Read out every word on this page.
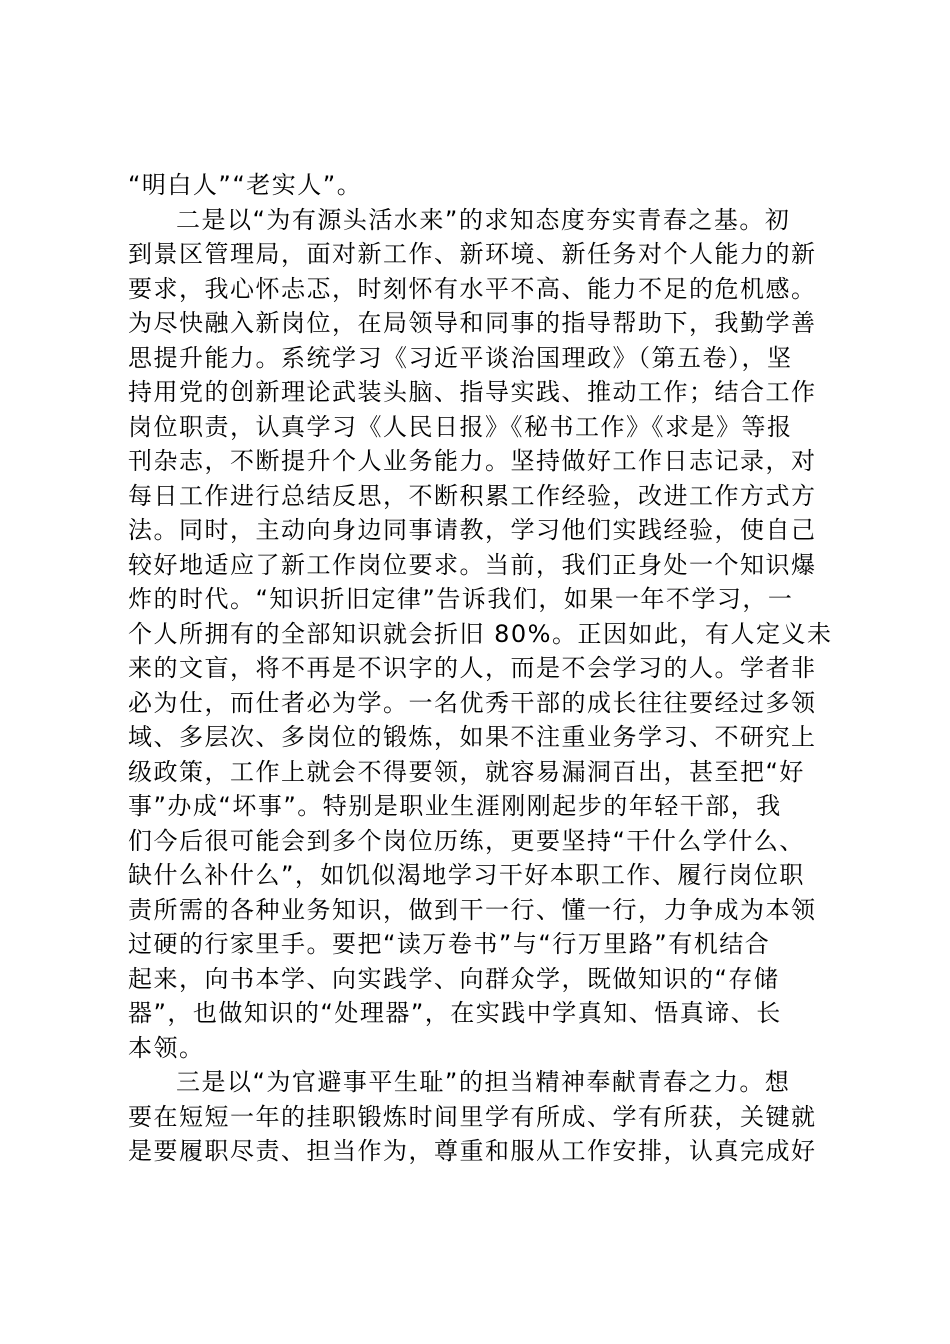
“明白人”“老实人”。
二是以“为有源头活水来”的求知态度夯实青春之基。初
到景区管理局，面对新工作、新环境、新任务对个人能力的新
要求，我心怀忐忑，时刻怀有水平不高、能力不足的危机感。
为尽快融入新岗位，在局领导和同事的指导帮助下，我勤学善
思提升能力。系统学习《习近平谈治国理政》（第五卷），坚
持用党的创新理论武装头脑、指导实践、推动工作；结合工作
岗位职责，认真学习《人民日报》《秘书工作》《求是》等报
刊杂志，不断提升个人业务能力。坚持做好工作日志记录，对
每日工作进行总结反思，不断积累工作经验，改进工作方式方
法。同时，主动向身边同事请教，学习他们实践经验，使自己
较好地适应了新工作岗位要求。当前，我们正身处一个知识爆
炸的时代。“知识折旧定律”告诉我们，如果一年不学习，一
个人所拥有的全部知识就会折旧 80%。正因如此，有人定义未
来的文盲，将不再是不识字的人，而是不会学习的人。学者非
必为仕，而仕者必为学。一名优秀干部的成长往往要经过多领
域、多层次、多岗位的锻炼，如果不注重业务学习、不研究上
级政策，工作上就会不得要领，就容易漏洞百出，甚至把“好
事”办成“坏事”。特别是职业生涯刚刚起步的年轻干部，我
们今后很可能会到多个岗位历练，更要坚持“干什么学什么、
缺什么补什么”，如饥似渴地学习干好本职工作、履行岗位职
责所需的各种业务知识，做到干一行、懂一行，力争成为本领
过硬的行家里手。要把“读万卷书”与“行万里路”有机结合
起来，向书本学、向实践学、向群众学，既做知识的“存储
器”，也做知识的“处理器”，在实践中学真知、悟真谛、长
本领。
三是以“为官避事平生耻”的担当精神奉献青春之力。想
要在短短一年的挂职锻炼时间里学有所成、学有所获，关键就
是要履职尽责、担当作为，尊重和服从工作安排，认真完成好
